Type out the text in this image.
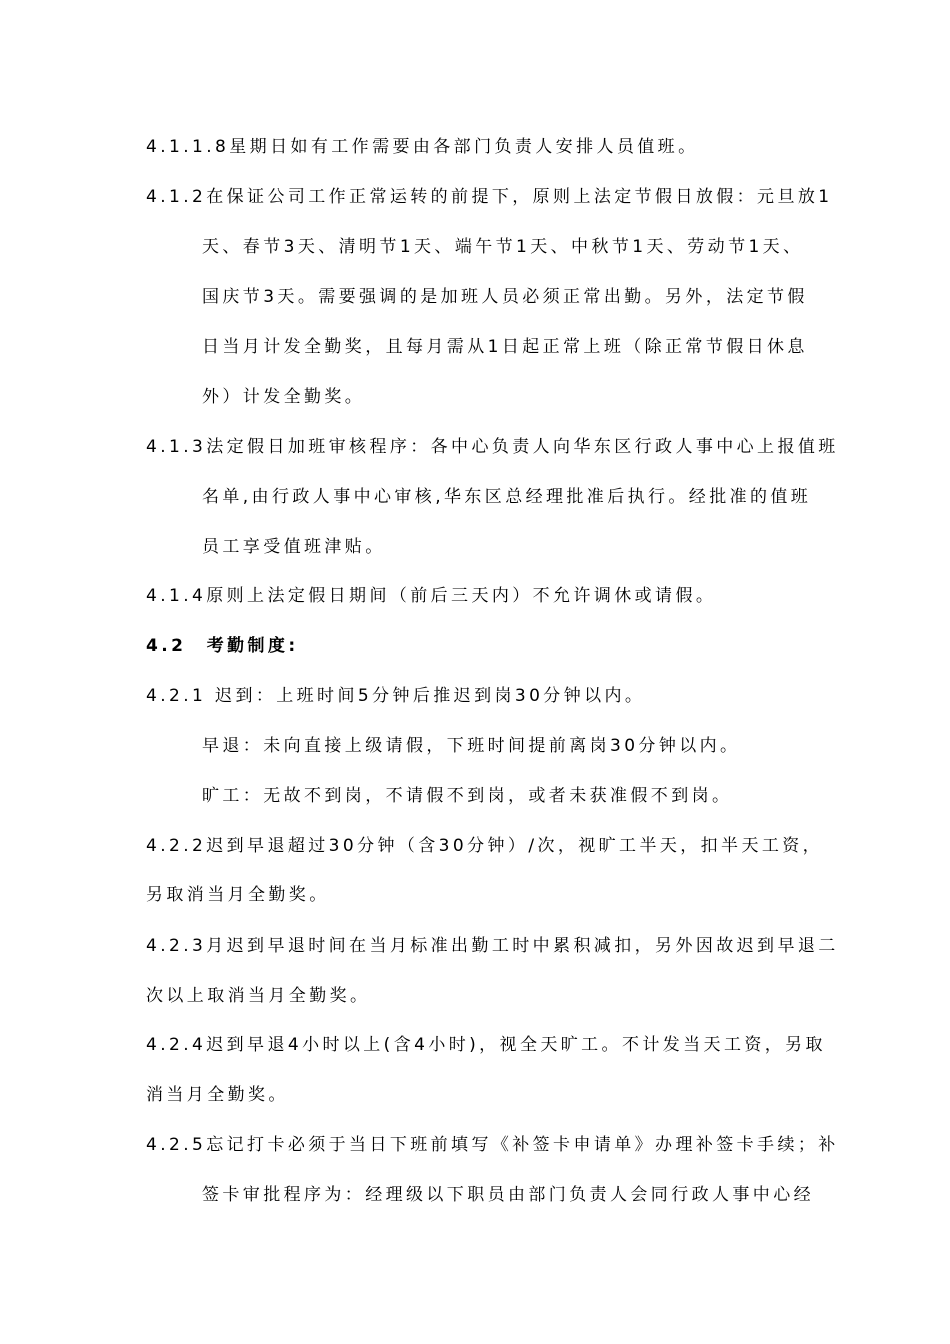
4.1.1.8星期日如有工作需要由各部门负责人安排人员值班。
4.1.2在保证公司工作正常运转的前提下，原则上法定节假日放假：元旦放1
天、春节3天、清明节1天、端午节1天、中秋节1天、劳动节1天、
国庆节3天。需要强调的是加班人员必须正常出勤。另外，法定节假
日当月计发全勤奖，且每月需从1日起正常上班（除正常节假日休息
外）计发全勤奖。
4.1.3法定假日加班审核程序：各中心负责人向华东区行政人事中心上报值班
名单,由行政人事中心审核,华东区总经理批准后执行。经批准的值班
员工享受值班津贴。
4.1.4原则上法定假日期间（前后三天内）不允许调休或请假。
4.2　考勤制度:
4.2.1 迟到：上班时间5分钟后推迟到岗30分钟以内。
早退：未向直接上级请假，下班时间提前离岗30分钟以内。
旷工：无故不到岗，不请假不到岗，或者未获准假不到岗。
4.2.2迟到早退超过30分钟（含30分钟）/次，视旷工半天，扣半天工资，
另取消当月全勤奖。
4.2.3月迟到早退时间在当月标准出勤工时中累积减扣，另外因故迟到早退二
次以上取消当月全勤奖。
4.2.4迟到早退4小时以上(含4小时)，视全天旷工。不计发当天工资，另取
消当月全勤奖。
4.2.5忘记打卡必须于当日下班前填写《补签卡申请单》办理补签卡手续；补
签卡审批程序为：经理级以下职员由部门负责人会同行政人事中心经
